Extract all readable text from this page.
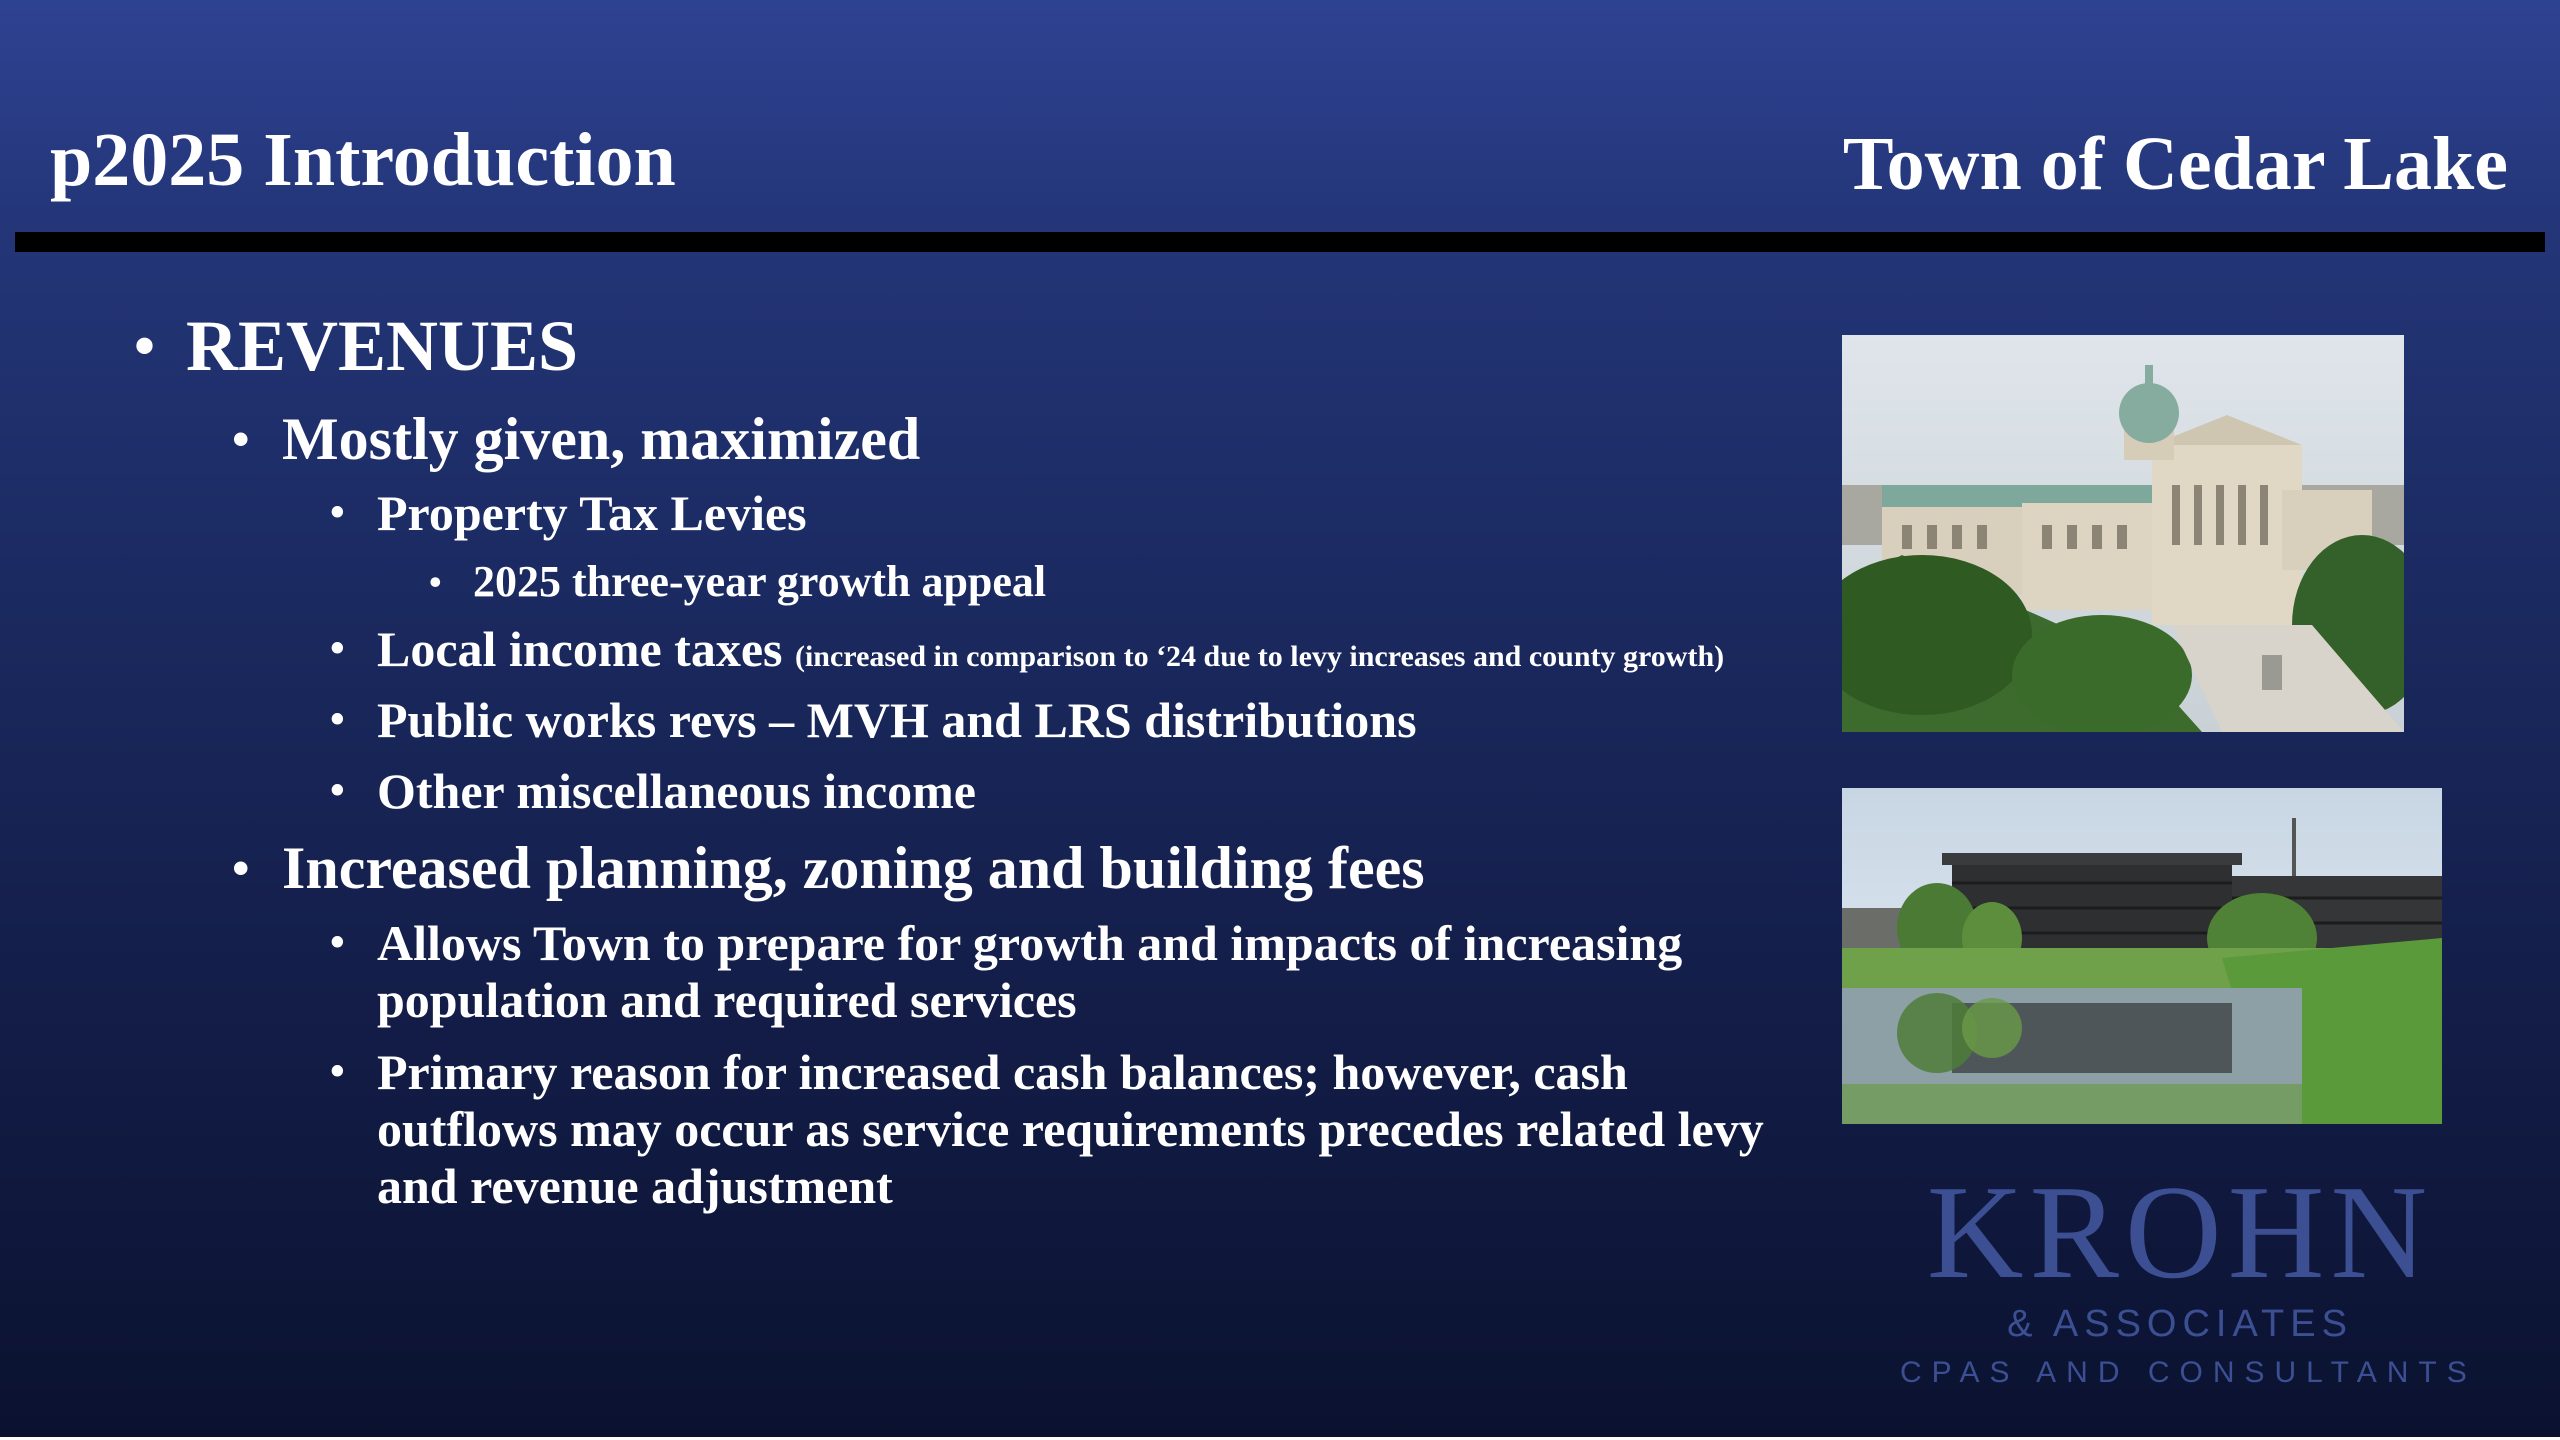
p2025 Introduction	Town of Cedar Lake
• REVENUES
• Mostly given, maximized
• Property Tax Levies
• 2025 three-year growth appeal
• Local income taxes (increased in comparison to ‘24 due to levy increases and county growth)
• Public works revs – MVH and LRS distributions
• Other miscellaneous income
• Increased planning, zoning and building fees
• Allows Town to prepare for growth and impacts of increasing population and required services
• Primary reason for increased cash balances; however, cash outflows may occur as service requirements precedes related levy and revenue adjustment	KROHN
& ASSOCIATES
CPAS AND CONSULTANTS
